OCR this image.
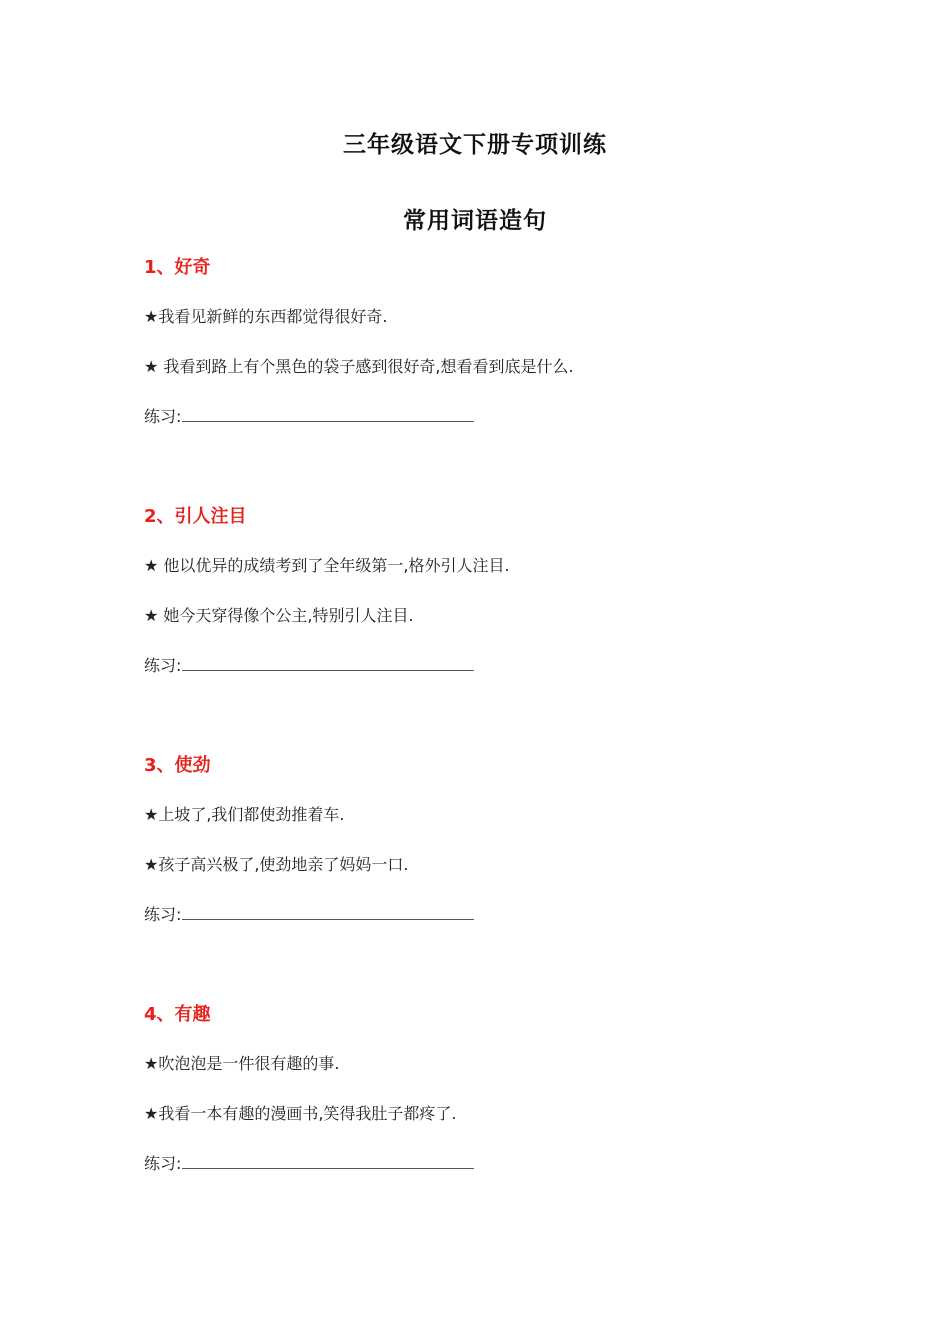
三年级语文下册专项训练
常用词语造句
1、好奇
★我看见新鲜的东西都觉得很好奇.
★ 我看到路上有个黑色的袋子感到很好奇,想看看到底是什么.
练习:
2、引人注目
★ 他以优异的成绩考到了全年级第一,格外引人注目.
★ 她今天穿得像个公主,特别引人注目.
练习:
3、使劲
★上坡了,我们都使劲推着车.
★孩子高兴极了,使劲地亲了妈妈一口.
练习:
4、有趣
★吹泡泡是一件很有趣的事.
★我看一本有趣的漫画书,笑得我肚子都疼了.
练习:
